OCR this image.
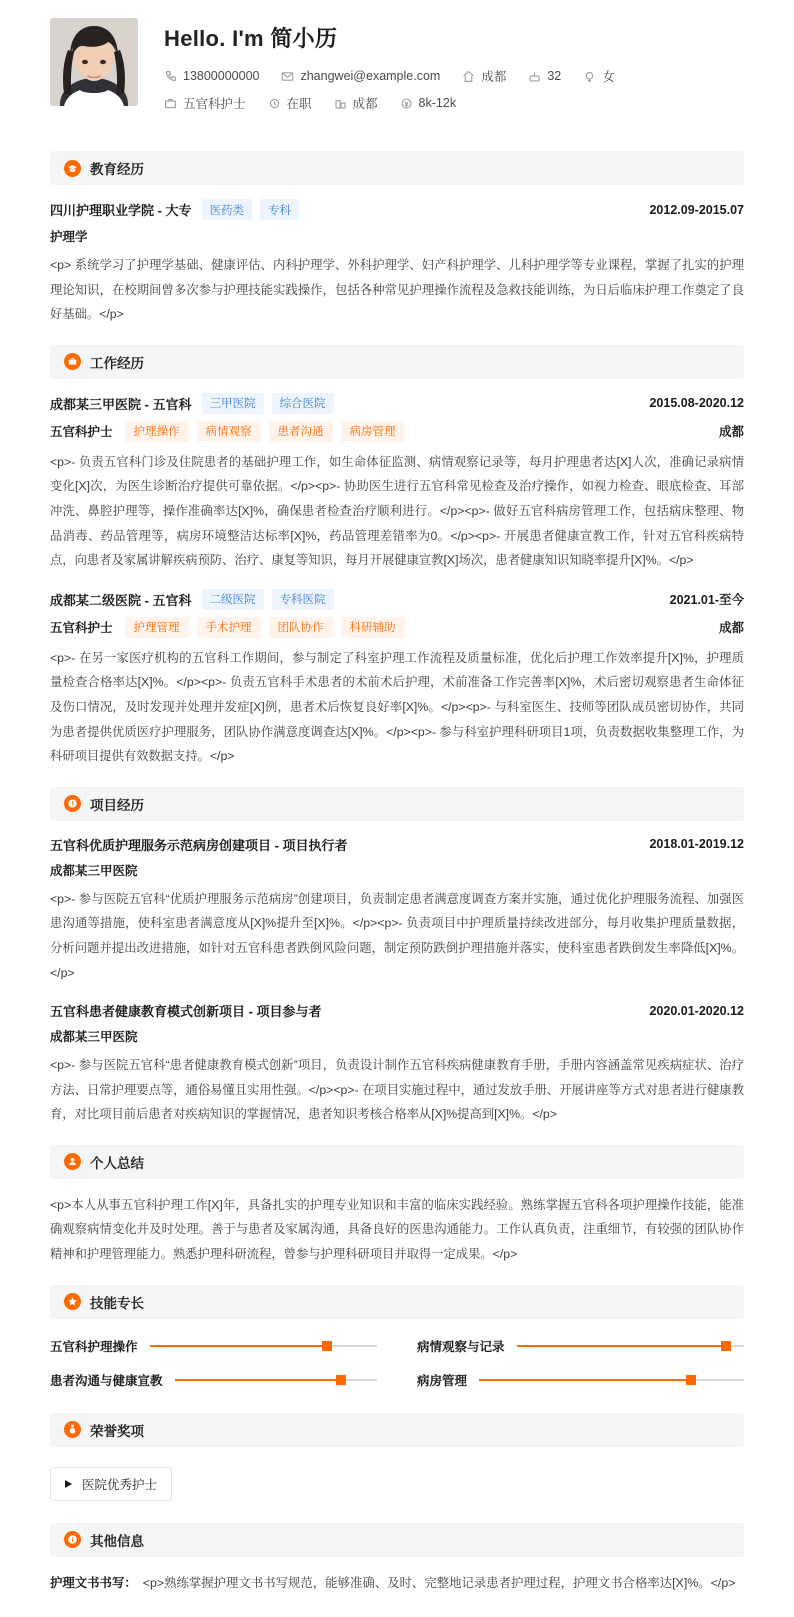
Hello. I'm 简小历
13800000000	zhangwei@example.com	成都	32	女
五官科护士	在职	成都	8k-12k
教育经历
四川护理职业学院 - 大专	医药类	专科	2012.09-2015.07
护理学
<p> 系统学习了护理学基础、健康评估、内科护理学、外科护理学、妇产科护理学、儿科护理学等专业课程，掌握了扎实的护理理论知识，在校期间曾多次参与护理技能实践操作，包括各种常见护理操作流程及急救技能训练，为日后临床护理工作奠定了良好基础。</p>
工作经历
成都某三甲医院 - 五官科	三甲医院	综合医院	2015.08-2020.12
五官科护士	护理操作	病情观察	患者沟通	病房管理	成都
<p>- 负责五官科门诊及住院患者的基础护理工作，如生命体征监测、病情观察记录等，每月护理患者达[X]人次，准确记录病情变化[X]次，为医生诊断治疗提供可靠依据。</p><p>- 协助医生进行五官科常见检查及治疗操作，如视力检查、眼底检查、耳部冲洗、鼻腔护理等，操作准确率达[X]%，确保患者检查治疗顺利进行。</p><p>- 做好五官科病房管理工作，包括病床整理、物品消毒、药品管理等，病房环境整洁达标率[X]%，药品管理差错率为0。</p><p>- 开展患者健康宣教工作，针对五官科疾病特点，向患者及家属讲解疾病预防、治疗、康复等知识，每月开展健康宣教[X]场次，患者健康知识知晓率提升[X]%。</p>
成都某二级医院 - 五官科	二级医院	专科医院	2021.01-至今
五官科护士	护理管理	手术护理	团队协作	科研辅助	成都
<p>- 在另一家医疗机构的五官科工作期间，参与制定了科室护理工作流程及质量标准，优化后护理工作效率提升[X]%，护理质量检查合格率达[X]%。</p><p>- 负责五官科手术患者的术前术后护理，术前准备工作完善率[X]%，术后密切观察患者生命体征及伤口情况，及时发现并处理并发症[X]例，患者术后恢复良好率[X]%。</p><p>- 与科室医生、技师等团队成员密切协作，共同为患者提供优质医疗护理服务，团队协作满意度调查达[X]%。</p><p>- 参与科室护理科研项目1项，负责数据收集整理工作，为科研项目提供有效数据支持。</p>
项目经历
五官科优质护理服务示范病房创建项目 - 项目执行者	2018.01-2019.12
成都某三甲医院
<p>- 参与医院五官科“优质护理服务示范病房”创建项目，负责制定患者满意度调查方案并实施，通过优化护理服务流程、加强医患沟通等措施，使科室患者满意度从[X]%提升至[X]%。</p><p>- 负责项目中护理质量持续改进部分，每月收集护理质量数据，分析问题并提出改进措施，如针对五官科患者跌倒风险问题，制定预防跌倒护理措施并落实，使科室患者跌倒发生率降低[X]%。</p>
五官科患者健康教育模式创新项目 - 项目参与者	2020.01-2020.12
成都某三甲医院
<p>- 参与医院五官科“患者健康教育模式创新”项目，负责设计制作五官科疾病健康教育手册，手册内容涵盖常见疾病症状、治疗方法、日常护理要点等，通俗易懂且实用性强。</p><p>- 在项目实施过程中，通过发放手册、开展讲座等方式对患者进行健康教育，对比项目前后患者对疾病知识的掌握情况，患者知识考核合格率从[X]%提高到[X]%。</p>
个人总结
<p>本人从事五官科护理工作[X]年，具备扎实的护理专业知识和丰富的临床实践经验。熟练掌握五官科各项护理操作技能，能准确观察病情变化并及时处理。善于与患者及家属沟通，具备良好的医患沟通能力。工作认真负责，注重细节，有较强的团队协作精神和护理管理能力。熟悉护理科研流程，曾参与护理科研项目并取得一定成果。</p>
技能专长
五官科护理操作	病情观察与记录
患者沟通与健康宣教	病房管理
荣誉奖项
医院优秀护士
其他信息
护理文书书写： <p>熟练掌握护理文书书写规范，能够准确、及时、完整地记录患者护理过程，护理文书合格率达[X]%。</p>
